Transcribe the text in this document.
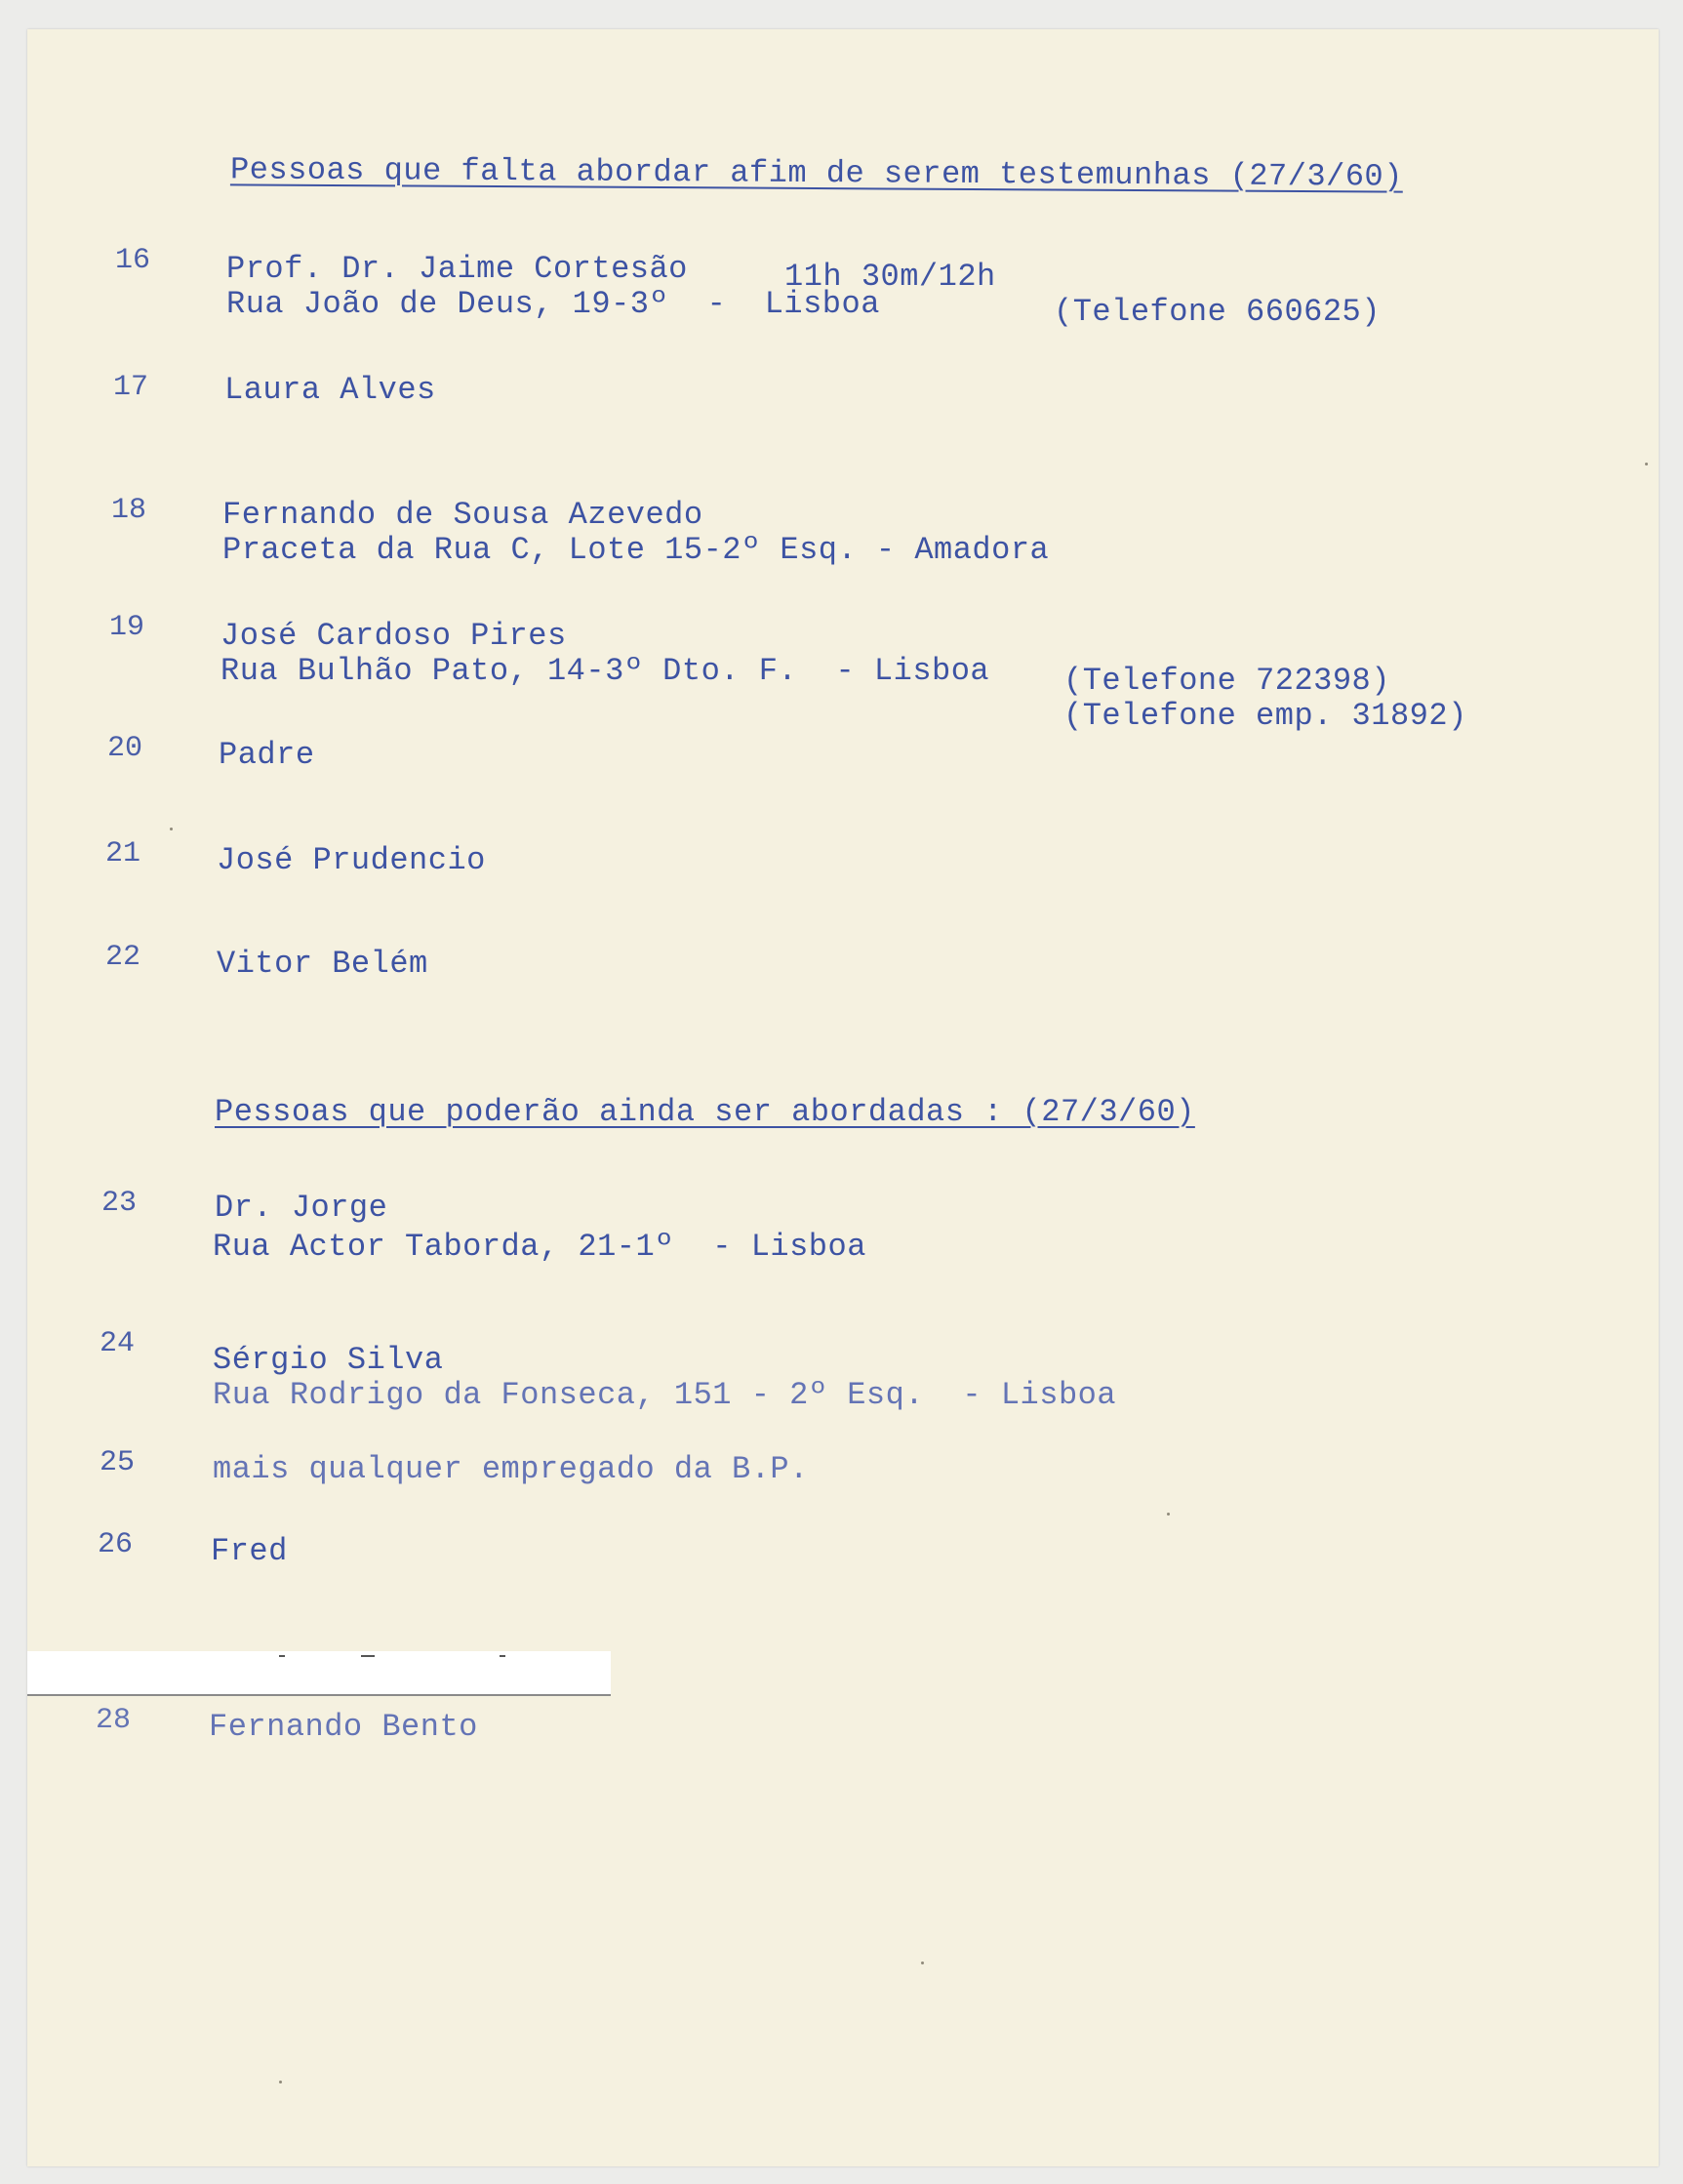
Pessoas que falta abordar afim de serem testemunhas (27/3/60)
16 Prof. Dr. Jaime Cortesão	11h 30m/12h
Rua João de Deus, 19-3º  -  Lisboa	(Telefone 660625)
17 Laura Alves
18 Fernando de Sousa Azevedo
Praceta da Rua C, Lote 15-2º Esq. - Amadora
19 José Cardoso Pires
Rua Bulhão Pato, 14-3º Dto. F.  - Lisboa (Telefone 722398)
(Telefone emp. 31892)
20 Padre
21 José Prudencio
22 Vitor Belém
Pessoas que poderão ainda ser abordadas : (27/3/60)
23 Dr. Jorge
Rua Actor Taborda, 21-1º  - Lisboa
24 Sérgio Silva
Rua Rodrigo da Fonseca, 151 - 2º Esq.  - Lisboa
25 mais qualquer empregado da B.P.
26 Fred
28 Fernando Bento
